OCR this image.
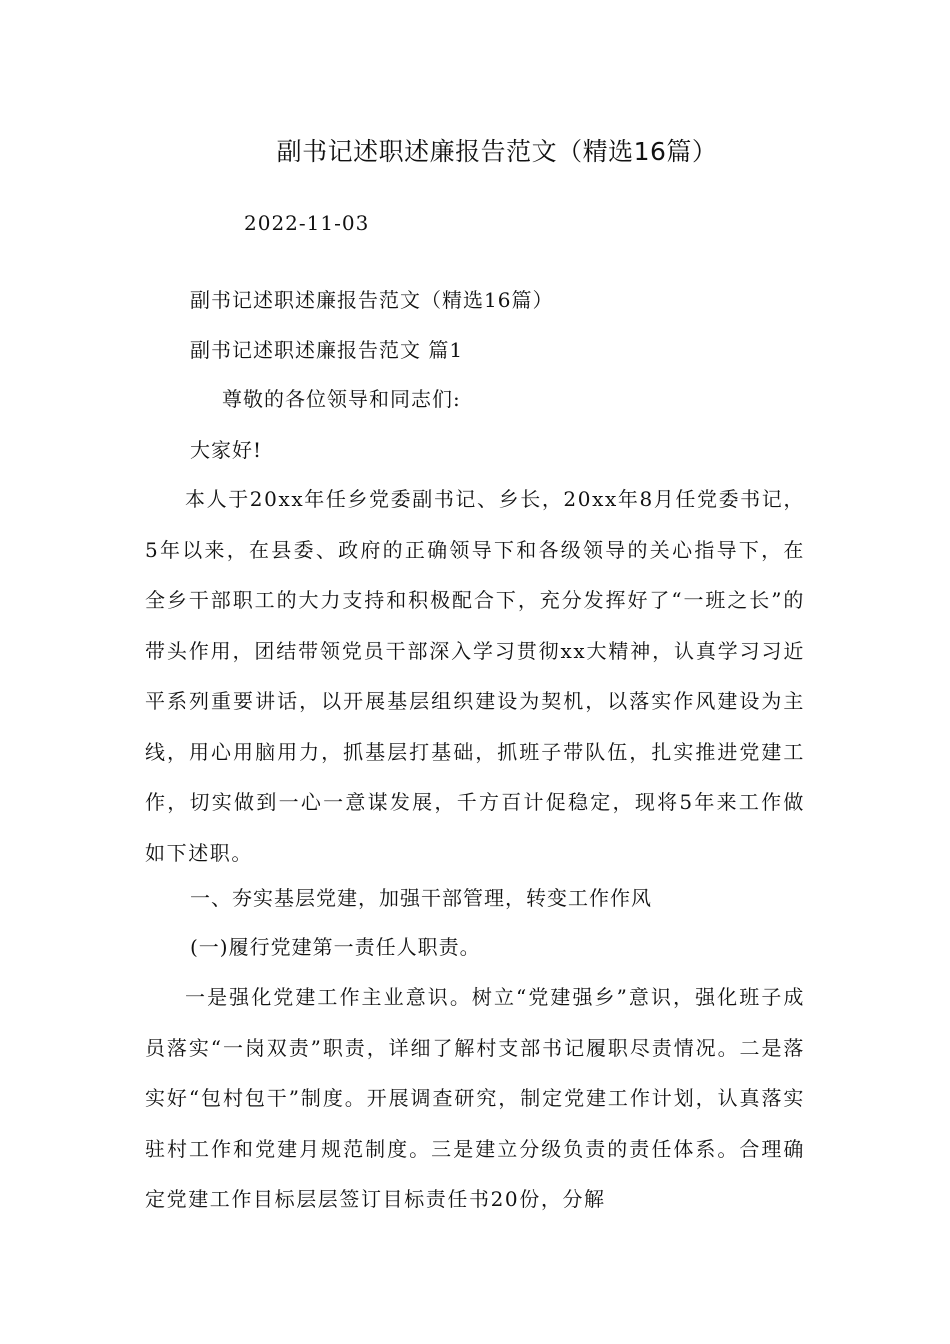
副书记述职述廉报告范文（精选16篇）
2022-11-03
副书记述职述廉报告范文（精选16篇）
副书记述职述廉报告范文 篇1
尊敬的各位领导和同志们:
大家好!
本人于20xx年任乡党委副书记、乡长，20xx年8月任党委书记，5年以来，在县委、政府的正确领导下和各级领导的关心指导下，在全乡干部职工的大力支持和积极配合下，充分发挥好了“一班之长”的带头作用，团结带领党员干部深入学习贯彻xx大精神，认真学习习近平系列重要讲话，以开展基层组织建设为契机，以落实作风建设为主线，用心用脑用力，抓基层打基础，抓班子带队伍，扎实推进党建工作，切实做到一心一意谋发展，千方百计促稳定，现将5年来工作做如下述职。
一、夯实基层党建，加强干部管理，转变工作作风
(一)履行党建第一责任人职责。
一是强化党建工作主业意识。树立“党建强乡”意识，强化班子成员落实“一岗双责”职责，详细了解村支部书记履职尽责情况。二是落实好“包村包干”制度。开展调查研究，制定党建工作计划，认真落实驻村工作和党建月规范制度。三是建立分级负责的责任体系。合理确定党建工作目标层层签订目标责任书20份，分解
